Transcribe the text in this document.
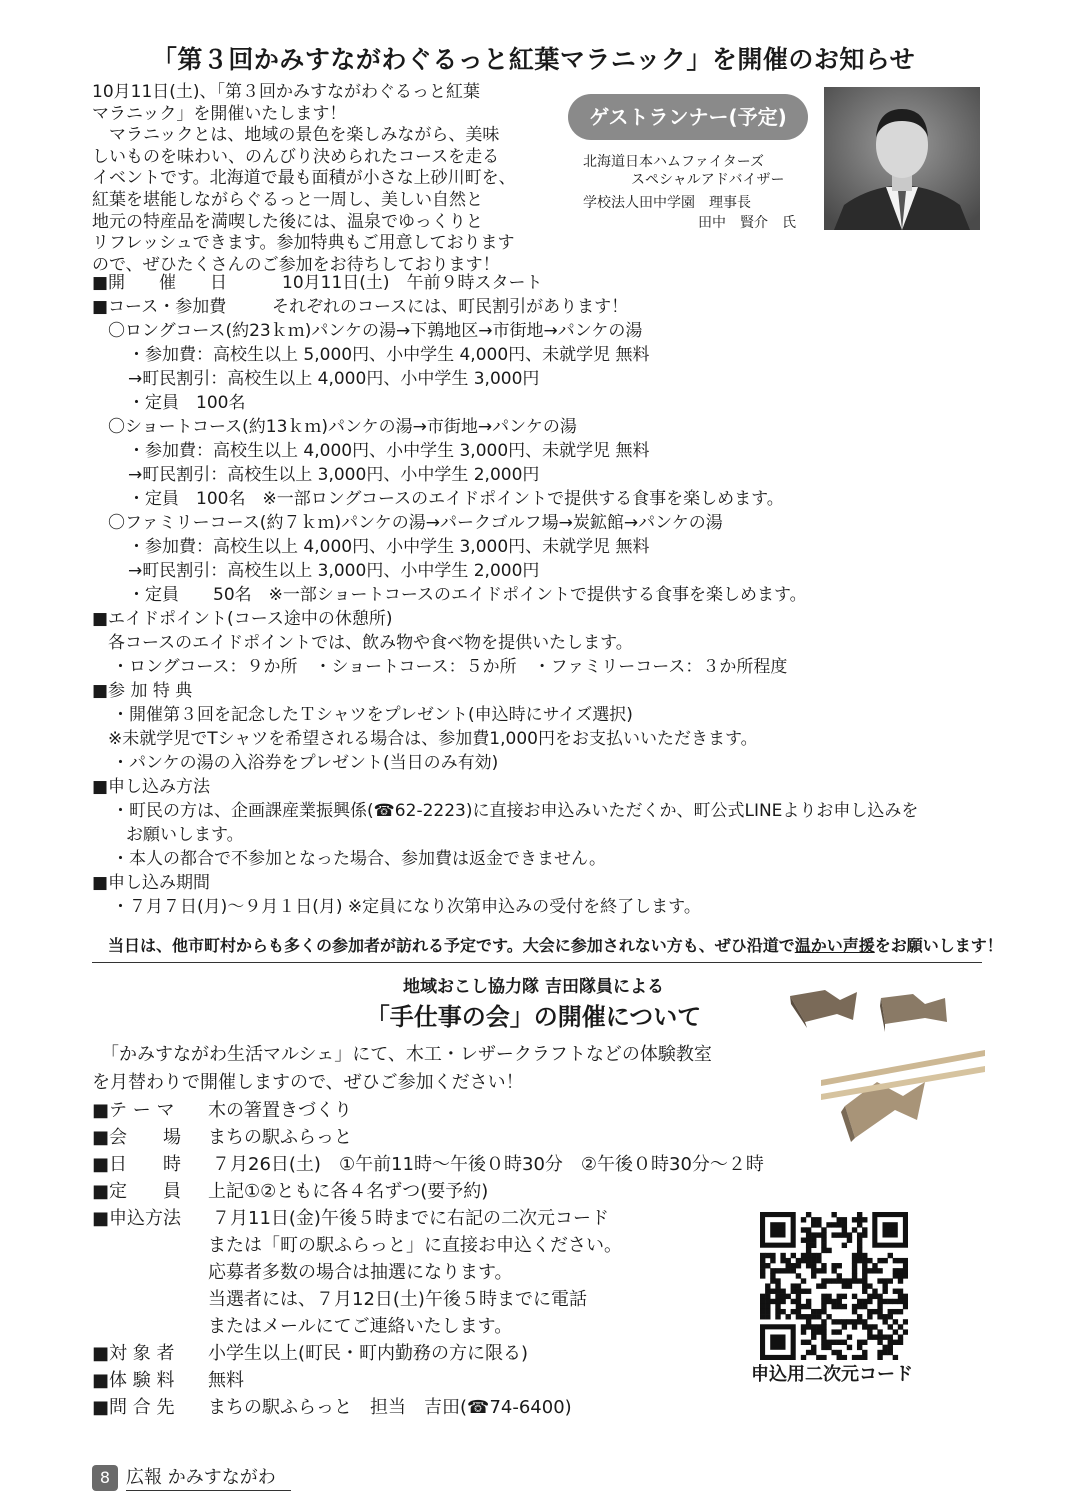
「第３回かみすながわぐるっと紅葉マラニック」を開催のお知らせ
10月11日(土)、「第３回かみすながわぐるっと紅葉
マラニック」を開催いたします！
　マラニックとは、地域の景色を楽しみながら、美味
しいものを味わい、のんびり決められたコースを走る
イベントです。北海道で最も面積が小さな上砂川町を、
紅葉を堪能しながらぐるっと一周し、美しい自然と
地元の特産品を満喫した後には、温泉でゆっくりと
リフレッシュできます。参加特典もご用意しております
ので、ぜひたくさんのご参加をお待ちしております！
ゲストランナー(予定)
北海道日本ハムファイターズ
スペシャルアドバイザー
学校法人田中学園　理事長
田中　賢介　氏
■開　　催　　日	10月11日(土)　午前９時スタート
■コース・参加費	それぞれのコースには、町民割引があります！
〇ロングコース(約23ｋｍ)パンケの湯→下鶉地区→市街地→パンケの湯
・参加費：高校生以上 5,000円、小中学生 4,000円、未就学児 無料
→町民割引：高校生以上 4,000円、小中学生 3,000円
・定員　100名
〇ショートコース(約13ｋｍ)パンケの湯→市街地→パンケの湯
・参加費：高校生以上 4,000円、小中学生 3,000円、未就学児 無料
→町民割引：高校生以上 3,000円、小中学生 2,000円
・定員　100名　※一部ロングコースのエイドポイントで提供する食事を楽しめます。
〇ファミリーコース(約７ｋｍ)パンケの湯→パークゴルフ場→炭鉱館→パンケの湯
・参加費：高校生以上 4,000円、小中学生 3,000円、未就学児 無料
→町民割引：高校生以上 3,000円、小中学生 2,000円
・定員　　50名　※一部ショートコースのエイドポイントで提供する食事を楽しめます。
■エイドポイント(コース途中の休憩所)
各コースのエイドポイントでは、飲み物や食べ物を提供いたします。
・ロングコース：９か所　・ショートコース：５か所　・ファミリーコース：３か所程度
■参 加 特 典
・開催第３回を記念したＴシャツをプレゼント(申込時にサイズ選択)
※未就学児でTシャツを希望される場合は、参加費1,000円をお支払いいただきます。
・パンケの湯の入浴券をプレゼント(当日のみ有効)
■申し込み方法
・町民の方は、企画課産業振興係(☎62-2223)に直接お申込みいただくか、町公式LINEよりお申し込みを
お願いします。
・本人の都合で不参加となった場合、参加費は返金できません。
■申し込み期間
・７月７日(月)～９月１日(月) ※定員になり次第申込みの受付を終了します。
当日は、他市町村からも多くの参加者が訪れる予定です。大会に参加されない方も、ぜひ沿道で温かい声援をお願いします！
地域おこし協力隊 吉田隊員による
「手仕事の会」の開催について
　「かみすながわ生活マルシェ」にて、木工・レザークラフトなどの体験教室
を月替わりで開催しますので、ぜひご参加ください！
■テ ー マ 木の箸置きづくり
■会　　場 まちの駅ふらっと
■日　　時 ７月26日(土)　①午前11時～午後０時30分　②午後０時30分～２時
■定　　員 上記①②ともに各４名ずつ(要予約)
■申込方法 ７月11日(金)午後５時までに右記の二次元コード
または「町の駅ふらっと」に直接お申込ください。
応募者多数の場合は抽選になります。
当選者には、７月12日(土)午後５時までに電話
またはメールにてご連絡いたします。
■対 象 者 小学生以上(町民・町内勤務の方に限る)
■体 験 料 無料
■問 合 先 まちの駅ふらっと　担当　吉田(☎74-6400)
申込用二次元コード
8 広報 かみすながわ
